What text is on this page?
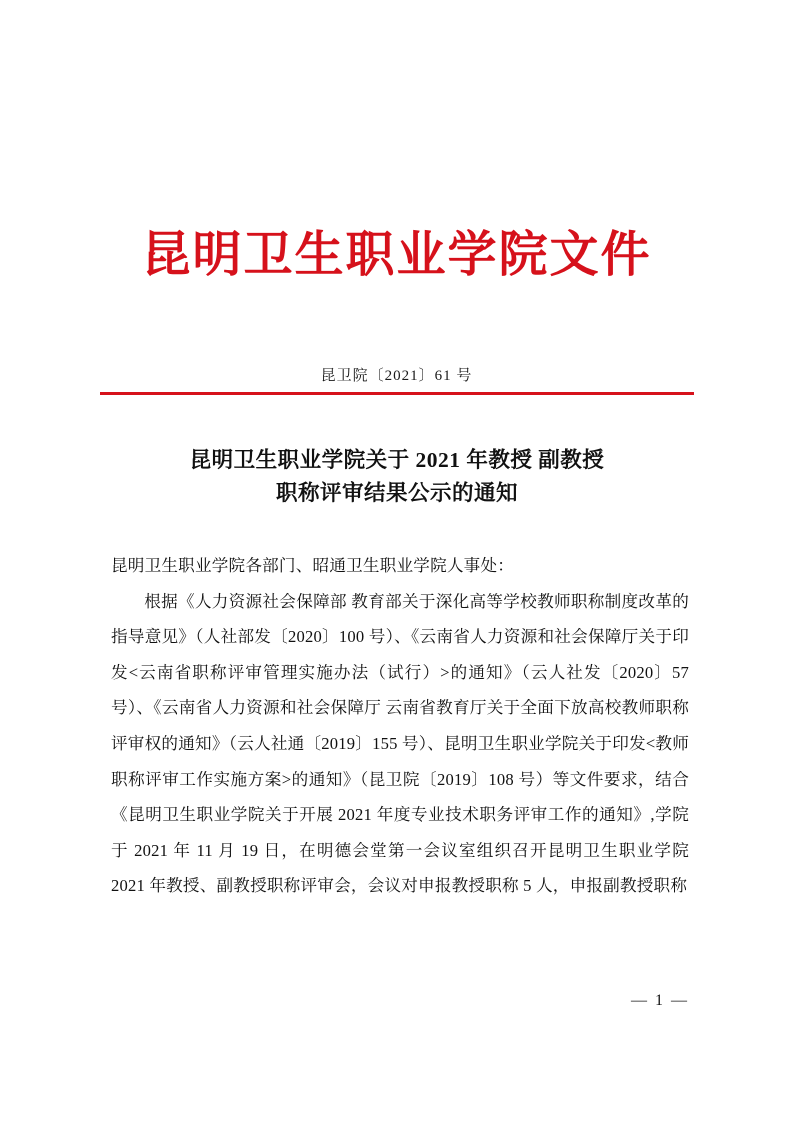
昆明卫生职业学院文件
昆卫院〔2021〕61 号
昆明卫生职业学院关于 2021 年教授 副教授
职称评审结果公示的通知

昆明卫生职业学院各部门、昭通卫生职业学院人事处：

根据《人力资源社会保障部 教育部关于深化高等学校教师职称制度改革的指导意见》（人社部发〔2020〕100 号）、《云南省人力资源和社会保障厅关于印发<云南省职称评审管理实施办法（试行）>的通知》（云人社发〔2020〕57 号）、《云南省人力资源和社会保障厅 云南省教育厅关于全面下放高校教师职称评审权的通知》（云人社通〔2019〕155 号）、昆明卫生职业学院关于印发<教师职称评审工作实施方案>的通知》（昆卫院〔2019〕108 号）等文件要求，结合《昆明卫生职业学院关于开展 2021 年度专业技术职务评审工作的通知》,学院于 2021 年 11 月 19 日，在明德会堂第一会议室组织召开昆明卫生职业学院 2021 年教授、副教授职称评审会，会议对申报教授职称 5 人，申报副教授职称

— 1 —
